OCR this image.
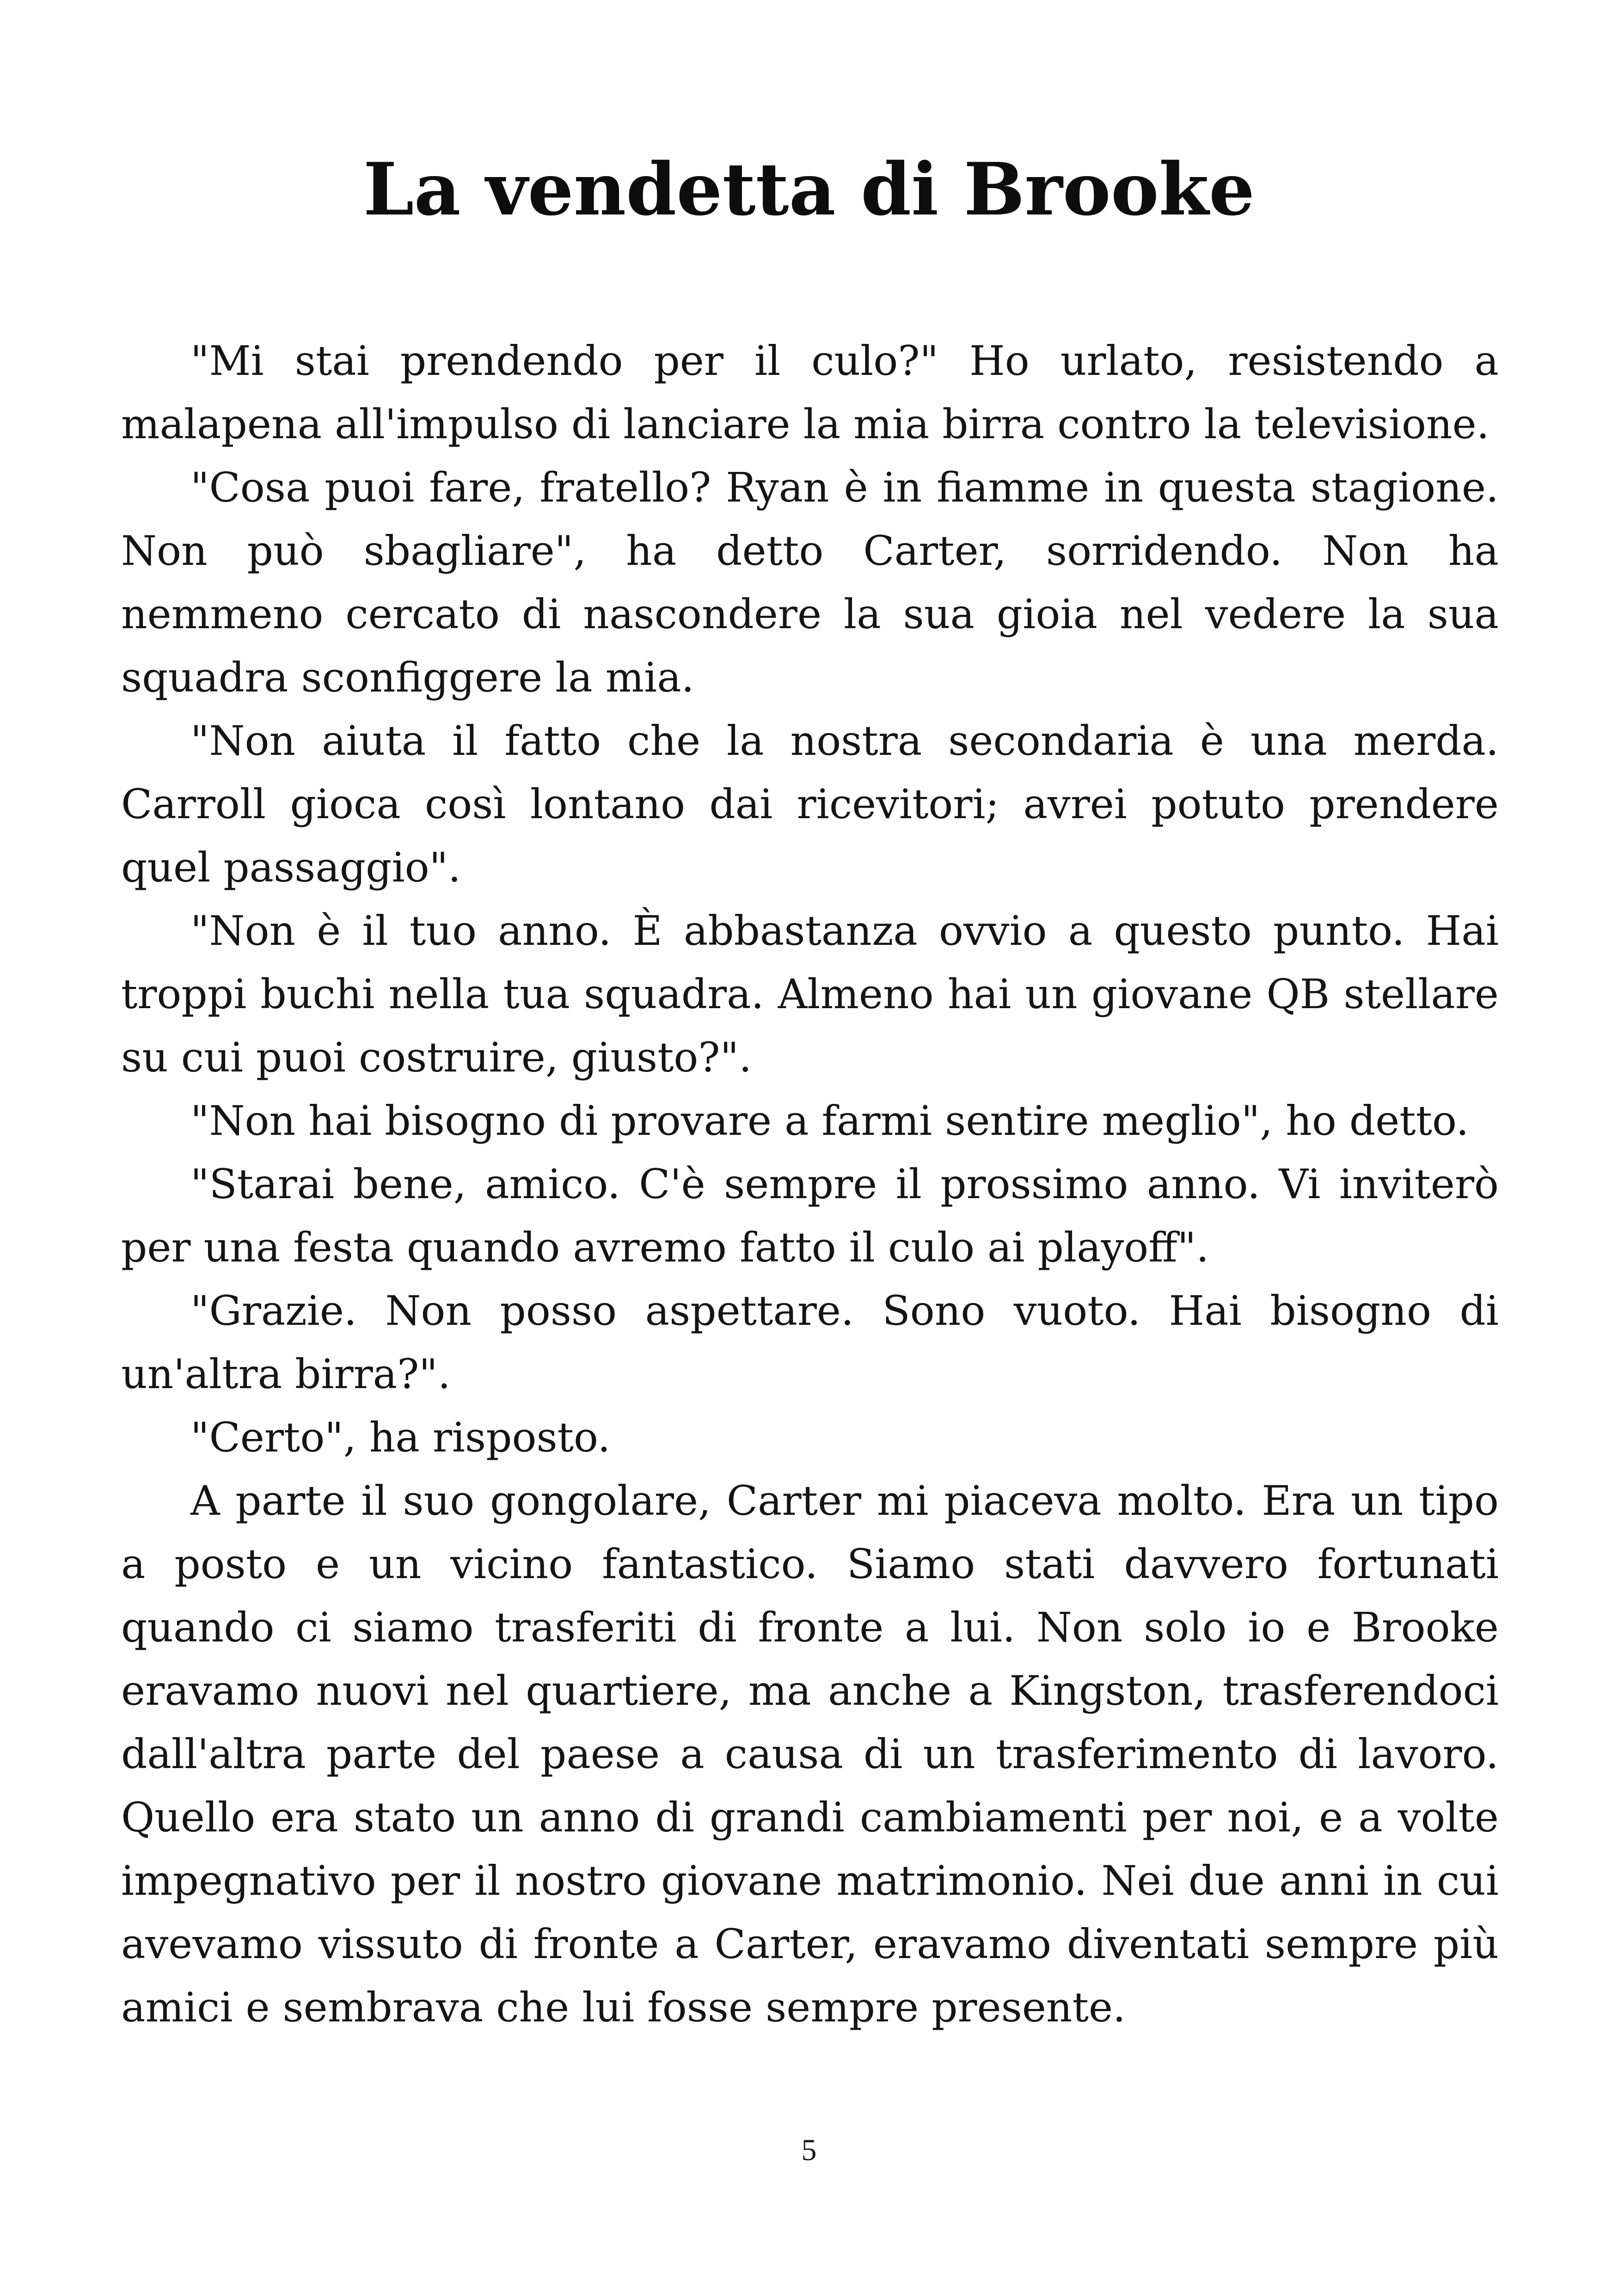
La vendetta di Brooke

"Mi stai prendendo per il culo?" Ho urlato, resistendo a malapena all'impulso di lanciare la mia birra contro la televisione.

"Cosa puoi fare, fratello? Ryan è in fiamme in questa stagione. Non può sbagliare", ha detto Carter, sorridendo. Non ha nemmeno cercato di nascondere la sua gioia nel vedere la sua squadra sconfiggere la mia.

"Non aiuta il fatto che la nostra secondaria è una merda. Carroll gioca così lontano dai ricevitori; avrei potuto prendere quel passaggio".

"Non è il tuo anno. È abbastanza ovvio a questo punto. Hai troppi buchi nella tua squadra. Almeno hai un giovane QB stellare su cui puoi costruire, giusto?".

"Non hai bisogno di provare a farmi sentire meglio", ho detto.

"Starai bene, amico. C'è sempre il prossimo anno. Vi inviterò per una festa quando avremo fatto il culo ai playoff".

"Grazie. Non posso aspettare. Sono vuoto. Hai bisogno di un'altra birra?".

"Certo", ha risposto.

A parte il suo gongolare, Carter mi piaceva molto. Era un tipo a posto e un vicino fantastico. Siamo stati davvero fortunati quando ci siamo trasferiti di fronte a lui. Non solo io e Brooke eravamo nuovi nel quartiere, ma anche a Kingston, trasferendoci dall'altra parte del paese a causa di un trasferimento di lavoro. Quello era stato un anno di grandi cambiamenti per noi, e a volte impegnativo per il nostro giovane matrimonio. Nei due anni in cui avevamo vissuto di fronte a Carter, eravamo diventati sempre più amici e sembrava che lui fosse sempre presente.

5
